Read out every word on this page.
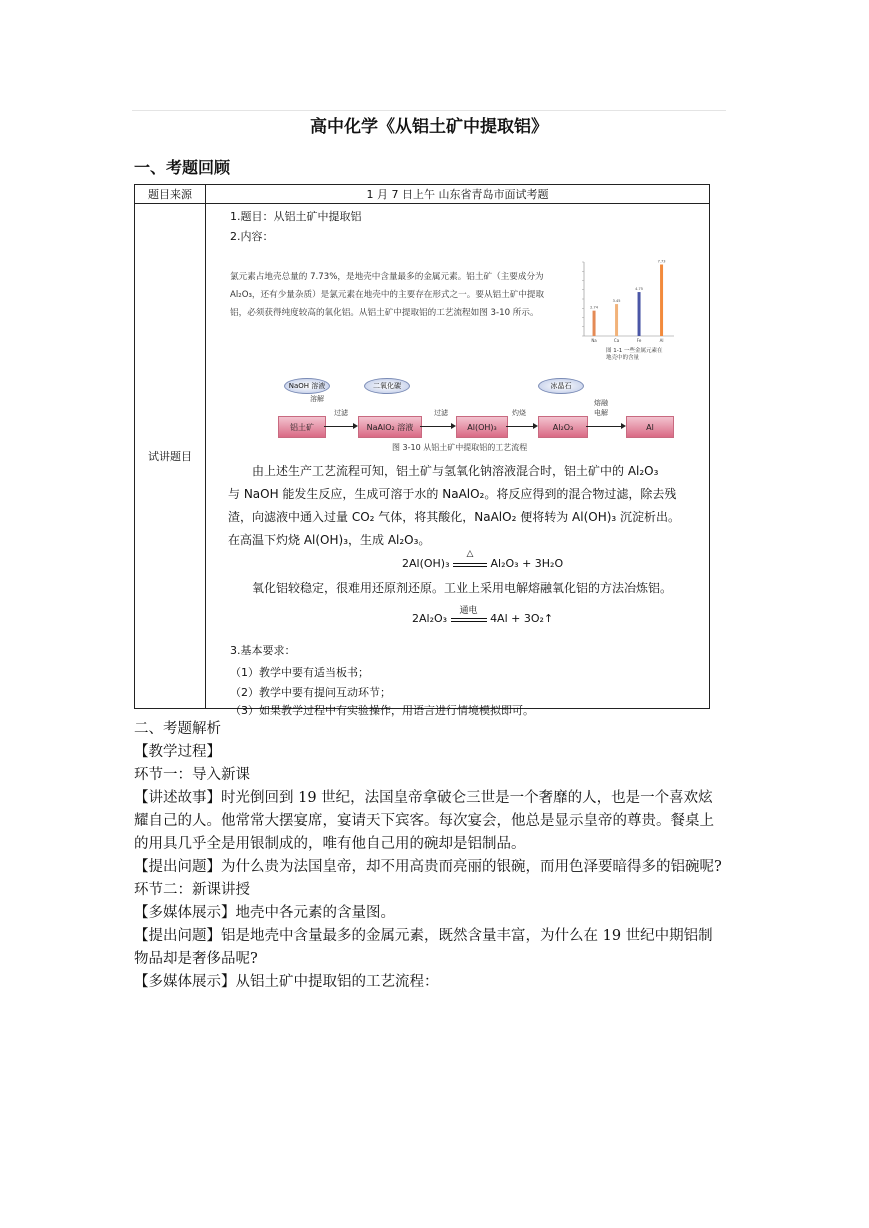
高中化学《从铝土矿中提取铝》
一、考题回顾
题目来源	1 月 7 日上午 山东省青岛市面试考题
试讲题目
1.题目：从铝土矿中提取铝
2.内容：
氯元素占地壳总量的 7.73%，是地壳中含量最多的金属元素。铝土矿（主要成分为 Al₂O₃，还有少量杂质）是氯元素在地壳中的主要存在形式之一。要从铝土矿中提取铝，必须获得纯度较高的氧化铝。从铝土矿中提取铝的工艺流程如图 3-10 所示。
2.74
Na
3.45
Ca
4.75
Fe
7.73
Al
图 1-1 一些金属元素在地壳中的含量
NaOH 溶液	二氧化碳	冰晶石
溶解
过滤	过滤	灼烧
熔融
电解
铝土矿	NaAlO₂ 溶液	Al(OH)₃	Al₂O₃	Al
图 3-10 从铝土矿中提取铝的工艺流程
由上述生产工艺流程可知，铝土矿与氢氧化钠溶液混合时，铝土矿中的 Al₂O₃
与 NaOH 能发生反应，生成可溶于水的 NaAlO₂。将反应得到的混合物过滤，除去残
渣，向滤液中通入过量 CO₂ 气体，将其酸化，NaAlO₂ 便将转为 Al(OH)₃ 沉淀析出。
在高温下灼烧 Al(OH)₃，生成 Al₂O₃。
2Al(OH)₃
△
Al₂O₃ + 3H₂O
氧化铝较稳定，很难用还原剂还原。工业上采用电解熔融氧化铝的方法冶炼铝。
2Al₂O₃
通电
4Al + 3O₂↑
3.基本要求：
（1）教学中要有适当板书；
（2）教学中要有提问互动环节；
（3）如果教学过程中有实验操作，用语言进行情境模拟即可。
二、考题解析
【教学过程】
环节一：导入新课
【讲述故事】时光倒回到 19 世纪，法国皇帝拿破仑三世是一个奢靡的人，也是一个喜欢炫
耀自己的人。他常常大摆宴席，宴请天下宾客。每次宴会，他总是显示皇帝的尊贵。餐桌上
的用具几乎全是用银制成的，唯有他自己用的碗却是铝制品。
【提出问题】为什么贵为法国皇帝，却不用高贵而亮丽的银碗，而用色泽要暗得多的铝碗呢?
环节二：新课讲授
【多媒体展示】地壳中各元素的含量图。
【提出问题】铝是地壳中含量最多的金属元素，既然含量丰富，为什么在 19 世纪中期铝制
物品却是奢侈品呢?
【多媒体展示】从铝土矿中提取铝的工艺流程：
